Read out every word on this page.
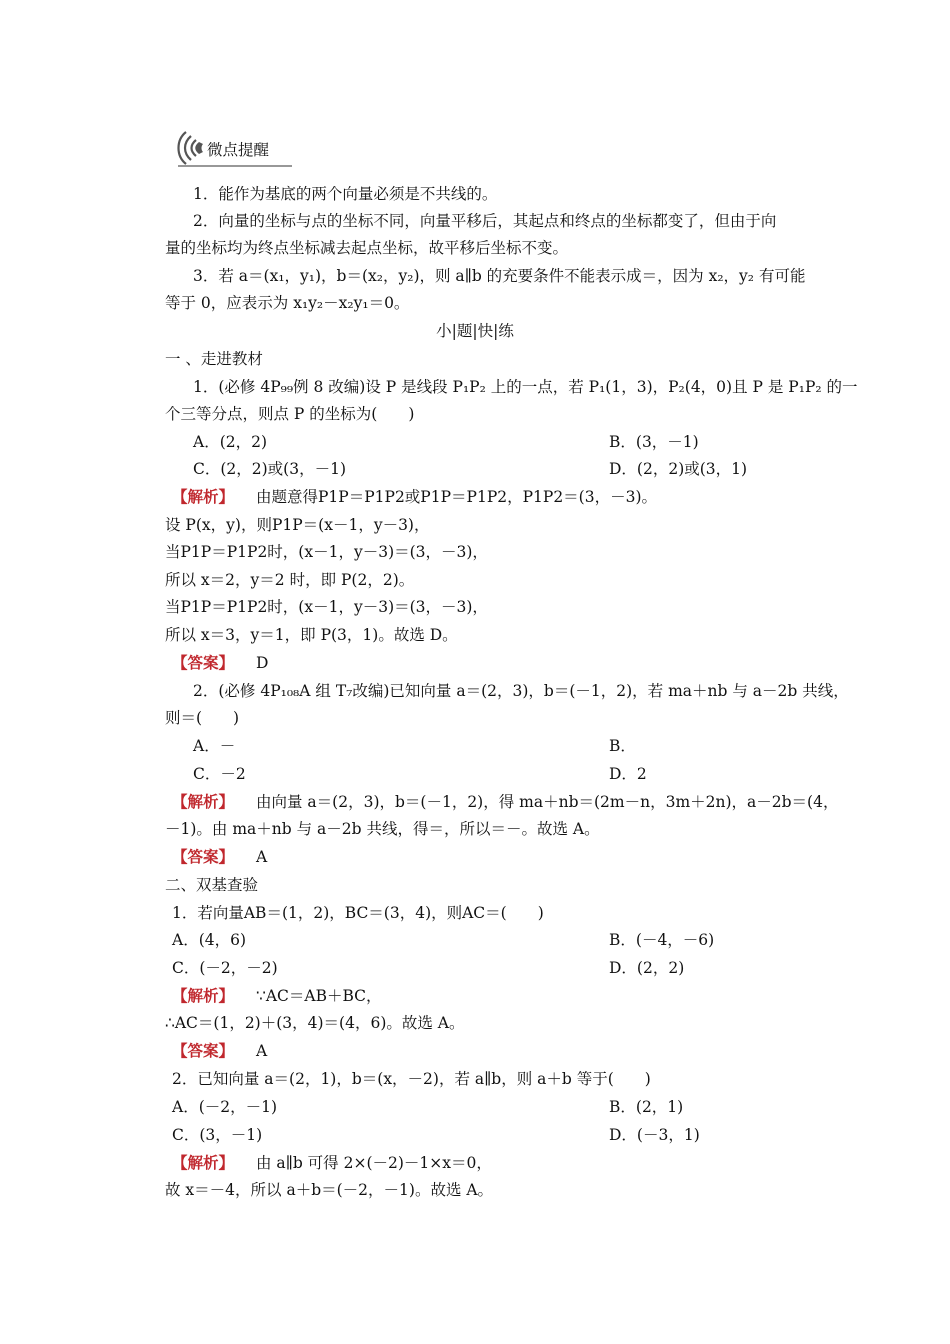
微点提醒
1．能作为基底的两个向量必须是不共线的。
2．向量的坐标与点的坐标不同，向量平移后，其起点和终点的坐标都变了，但由于向
量的坐标均为终点坐标减去起点坐标，故平移后坐标不变。
3．若 a＝(x₁，y₁)，b＝(x₂，y₂)，则 a∥b 的充要条件不能表示成＝，因为 x₂，y₂ 有可能
等于 0，应表示为 x₁y₂－x₂y₁＝0。
小|题|快|练
一 、走进教材
1．(必修 4P₉₉例 8 改编)设 P 是线段 P₁P₂ 上的一点，若 P₁(1，3)，P₂(4，0)且 P 是 P₁P₂ 的一
个三等分点，则点 P 的坐标为(　　)
A．(2，2)	B．(3，－1)
C．(2，2)或(3，－1)	D．(2，2)或(3，1)
【解析】 由题意得P1P＝P1P2或P1P＝P1P2，P1P2＝(3，－3)。
设 P(x，y)，则P1P＝(x－1，y－3)，
当P1P＝P1P2时，(x－1，y－3)＝(3，－3)，
所以 x＝2，y＝2 时，即 P(2，2)。
当P1P＝P1P2时，(x－1，y－3)＝(3，－3)，
所以 x＝3，y＝1，即 P(3，1)。故选 D。
【答案】 D
2．(必修 4P₁₀₈A 组 T₇改编)已知向量 a＝(2，3)，b＝(－1，2)，若 ma＋nb 与 a－2b 共线，
则＝(　　)
A．－	B．
C．－2	D．2
【解析】 由向量 a＝(2，3)，b＝(－1，2)，得 ma＋nb＝(2m－n，3m＋2n)，a－2b＝(4，
－1)。由 ma＋nb 与 a－2b 共线，得＝，所以＝－。故选 A。
【答案】 A
二、双基查验
1．若向量AB＝(1，2)，BC＝(3，4)，则AC＝(　　)
A．(4，6)	B．(－4，－6)
C．(－2，－2)	D．(2，2)
【解析】 ∵AC＝AB＋BC，
∴AC＝(1，2)＋(3，4)＝(4，6)。故选 A。
【答案】 A
2．已知向量 a＝(2，1)，b＝(x，－2)，若 a∥b，则 a＋b 等于(　　)
A．(－2，－1)	B．(2，1)
C．(3，－1)	D．(－3，1)
【解析】 由 a∥b 可得 2×(－2)－1×x＝0，
故 x＝－4，所以 a＋b＝(－2，－1)。故选 A。
